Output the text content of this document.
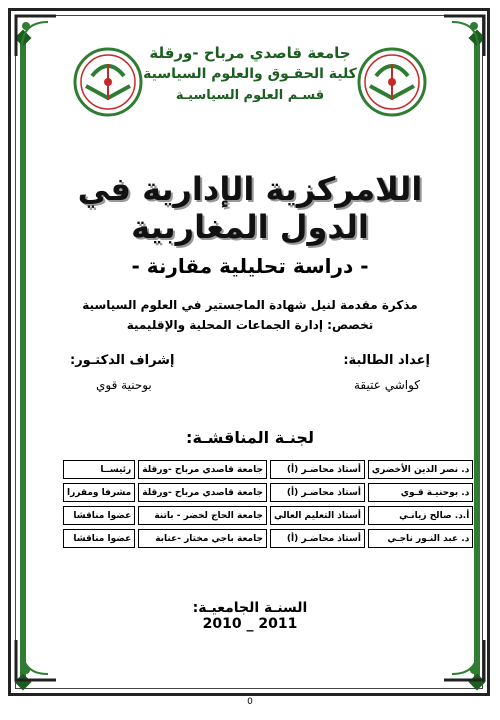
جامعة قاصدي مرباح -ورقلة
كلية الحقـوق والعلوم السياسية
قسـم العلوم السياسيـة
اللامركزية الإدارية في الدول المغاربية
- دراسة تحليلية مقارنة -
مذكرة مقدمة لنيل شهادة الماجستير في العلوم السياسية
تخصص: إدارة الجماعات المحلية والإقليمية
إعداد الطالبة:
كواشي عتيقة
إشراف الدكتـور:
بوحنية قوي
لجنـة المناقشـة:
د. نصر الدين الأخضري	أستاذ محاضـر (أ)	جامعة قاصدي مرباح -ورقلة	رئيســا
د. بوحنيـة قـوي	أستاذ محاضـر (أ)	جامعة قاصدي مرباح -ورقلة	مشرفا ومقررا
أ.د. صالح زيانـي	أستاذ التعليم العالي	جامعة الحاج لخضر - باتنة	عضوا مناقشا
د. عبد النـور ناجـي	أستاذ محاضـر (أ)	جامعة باجي مختار -عنابة	عضوا مناقشا
السنـة الجامعيـة:
2010 _ 2011
0
